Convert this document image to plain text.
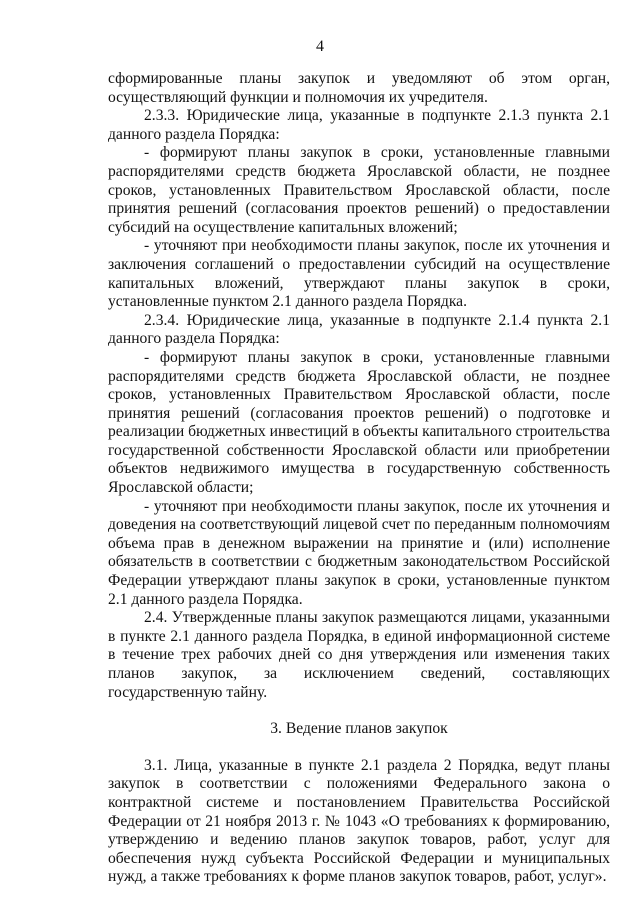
4

сформированные планы закупок и уведомляют об этом орган, осуществляющий функции и полномочия их учредителя.

2.3.3. Юридические лица, указанные в подпункте 2.1.3 пункта 2.1 данного раздела Порядка:

- формируют планы закупок в сроки, установленные главными распорядителями средств бюджета Ярославской области, не позднее сроков, установленных Правительством Ярославской области, после принятия решений (согласования проектов решений) о предоставлении субсидий на осуществление капитальных вложений;

- уточняют при необходимости планы закупок, после их уточнения и заключения соглашений о предоставлении субсидий на осуществление капитальных вложений, утверждают планы закупок в сроки, установленные пунктом 2.1 данного раздела Порядка.

2.3.4. Юридические лица, указанные в подпункте 2.1.4 пункта 2.1 данного раздела Порядка:

- формируют планы закупок в сроки, установленные главными распорядителями средств бюджета Ярославской области, не позднее сроков, установленных Правительством Ярославской области, после принятия решений (согласования проектов решений) о подготовке и реализации бюджетных инвестиций в объекты капитального строительства государственной собственности Ярославской области или приобретении объектов недвижимого имущества в государственную собственность Ярославской области;

- уточняют при необходимости планы закупок, после их уточнения и доведения на соответствующий лицевой счет по переданным полномочиям объема прав в денежном выражении на принятие и (или) исполнение обязательств в соответствии с бюджетным законодательством Российской Федерации утверждают планы закупок в сроки, установленные пунктом 2.1 данного раздела Порядка.

2.4. Утвержденные планы закупок размещаются лицами, указанными в пункте 2.1 данного раздела Порядка, в единой информационной системе в течение трех рабочих дней со дня утверждения или изменения таких планов закупок, за исключением сведений, составляющих государственную тайну.

3. Ведение планов закупок

3.1. Лица, указанные в пункте 2.1 раздела 2 Порядка, ведут планы закупок в соответствии с положениями Федерального закона о контрактной системе и постановлением Правительства Российской Федерации от 21 ноября 2013 г. № 1043 «О требованиях к формированию, утверждению и ведению планов закупок товаров, работ, услуг для обеспечения нужд субъекта Российской Федерации и муниципальных нужд, а также требованиях к форме планов закупок товаров, работ, услуг».
